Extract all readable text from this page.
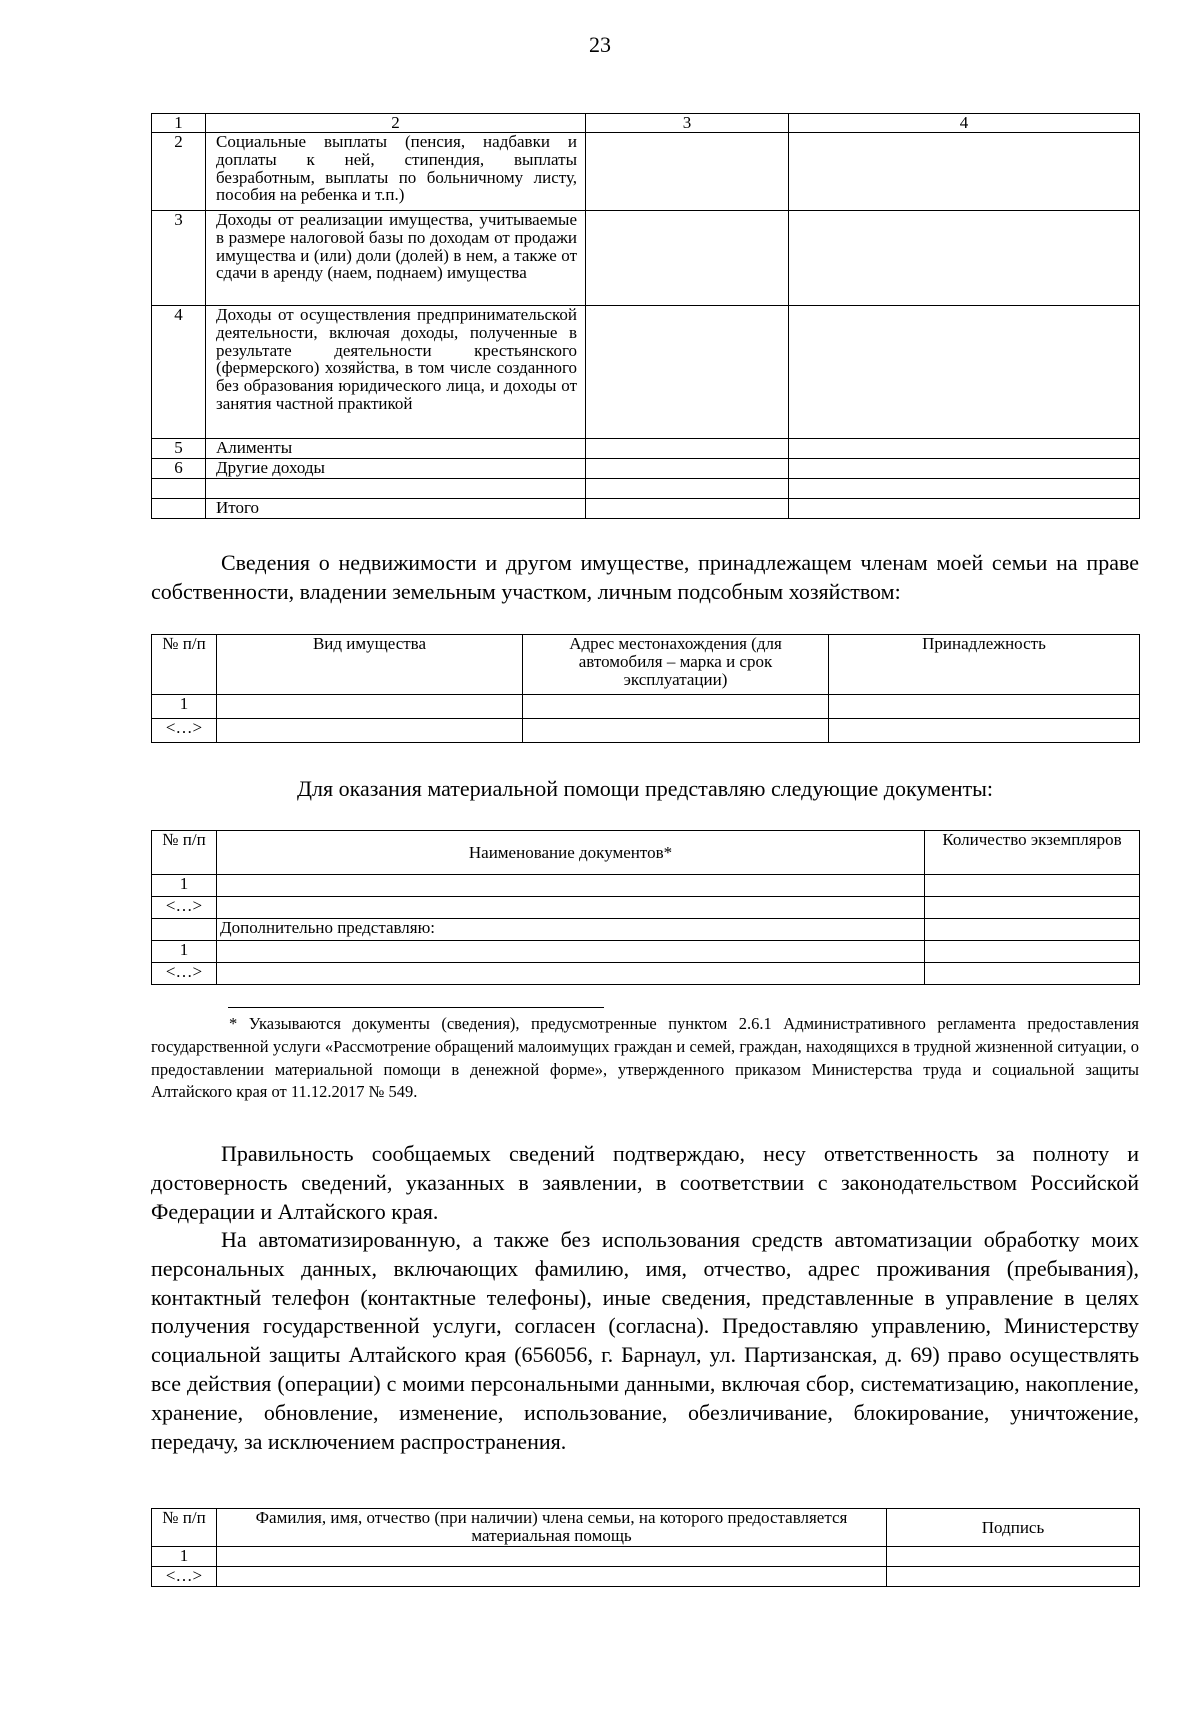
23
1	2	3	4
2	Социальные выплаты (пенсия, надбавки и доплаты к ней, стипендия, выплаты безработным, выплаты по больничному листу, пособия на ребенка и т.п.)		
3	Доходы от реализации имущества, учитываемые в размере налоговой базы по доходам от продажи имущества и (или) доли (долей) в нем, а также от сдачи в аренду (наем, поднаем) имущества		
4	Доходы от осуществления предпринимательской деятельности, включая доходы, полученные в результате деятельности крестьянского (фермерского) хозяйства, в том числе созданного без образования юридического лица, и доходы от занятия частной практикой		
5	Алименты		
6	Другие доходы		

	Итого		
Сведения о недвижимости и другом имуществе, принадлежащем членам моей семьи на праве собственности, владении земельным участком, личным подсобным хозяйством:
№ п/п	Вид имущества	Адрес местонахождения (для автомобиля – марка и срок эксплуатации)	Принадлежность
1			
<…>			
Для оказания материальной помощи представляю следующие документы:
№ п/п	Наименование документов*	Количество экземпляров
1		
<…>		
	Дополнительно представляю:	
1		
<…>		
* Указываются документы (сведения), предусмотренные пунктом 2.6.1 Административного регламента предоставления государственной услуги «Рассмотрение обращений малоимущих граждан и семей, граждан, находящихся в трудной жизненной ситуации, о предоставлении материальной помощи в денежной форме», утвержденного приказом Министерства труда и социальной защиты Алтайского края от 11.12.2017 № 549.

Правильность сообщаемых сведений подтверждаю, несу ответственность за полноту и достоверность сведений, указанных в заявлении, в соответствии с законодательством Российской Федерации и Алтайского края.

На автоматизированную, а также без использования средств автоматизации обработку моих персональных данных, включающих фамилию, имя, отчество, адрес проживания (пребывания), контактный телефон (контактные телефоны), иные сведения, представленные в управление в целях получения государственной услуги, согласен (согласна). Предоставляю управлению, Министерству социальной защиты Алтайского края (656056, г. Барнаул, ул. Партизанская, д. 69) право осуществлять все действия (операции) с моими персональными данными, включая сбор, систематизацию, накопление, хранение, обновление, изменение, использование, обезличивание, блокирование, уничтожение, передачу, за исключением распространения.

№ п/п	Фамилия, имя, отчество (при наличии) члена семьи, на которого предоставляется материальная помощь	Подпись
1		
<…>		
